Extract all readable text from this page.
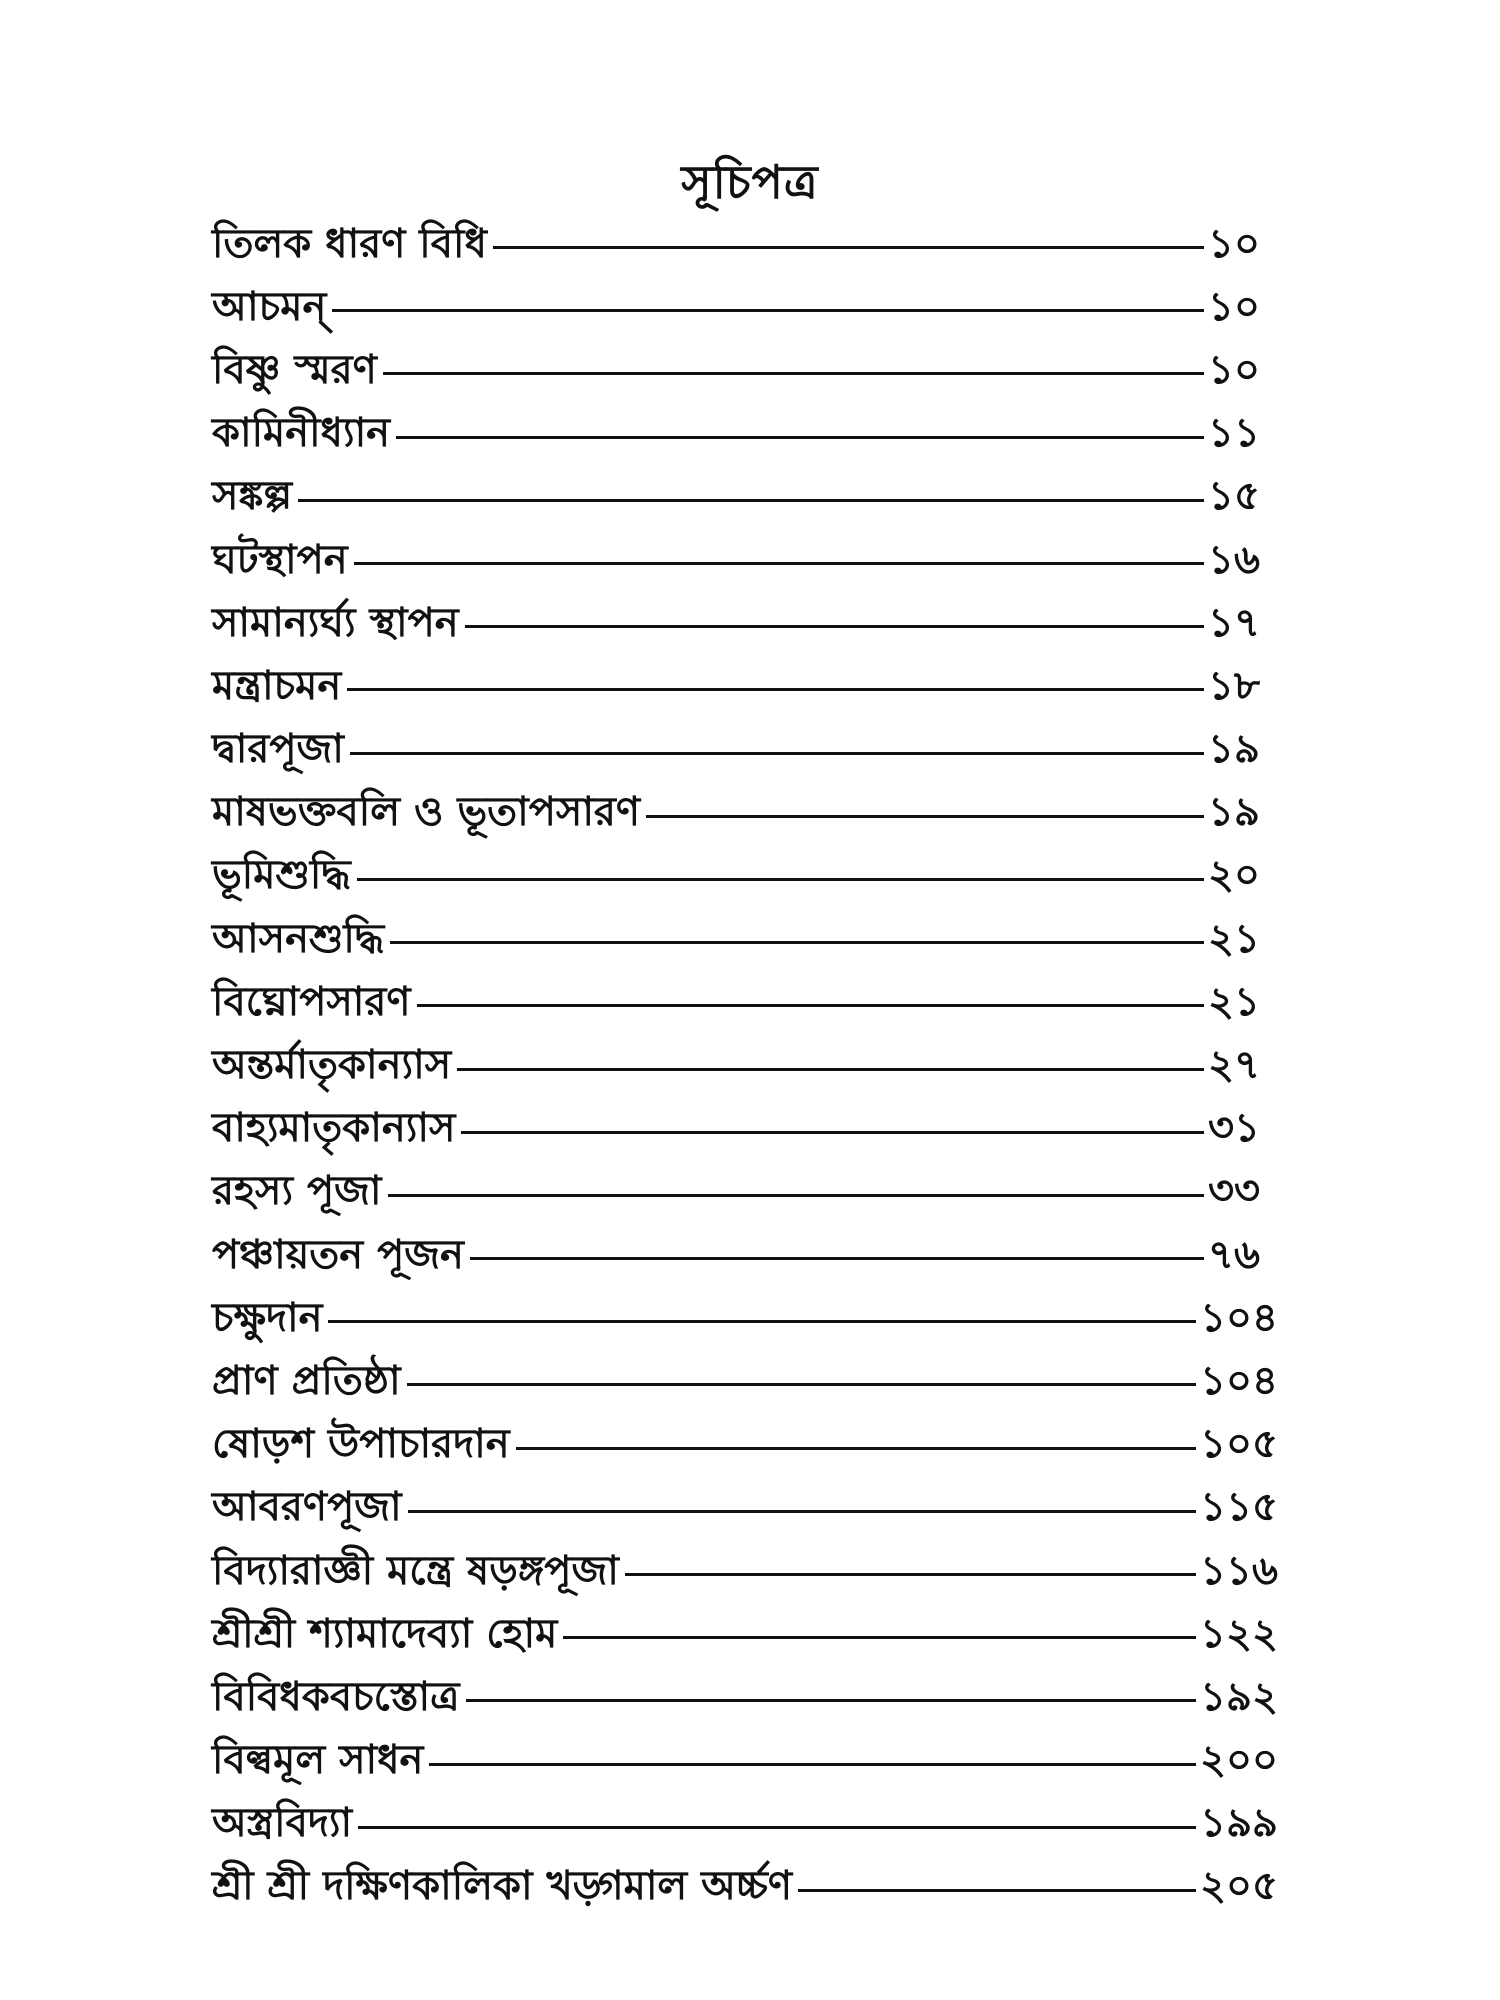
সূচিপত্র
তিলক ধারণ বিধি	১০
আচমন্‌	১০
বিষ্ণু স্মরণ	১০
কামিনীধ্যান	১১
সঙ্কল্প	১৫
ঘটস্থাপন	১৬
সামান্যর্ঘ্য স্থাপন	১৭
মন্ত্রাচমন	১৮
দ্বারপূজা	১৯
মাষভক্তবলি ও ভূতাপসারণ	১৯
ভূমিশুদ্ধি	২০
আসনশুদ্ধি	২১
বিঘ্নোপসারণ	২১
অন্তর্মাতৃকান্যাস	২৭
বাহ্যমাতৃকান্যাস	৩১
রহস্য পূজা	৩৩
পঞ্চায়তন পূজন	৭৬
চক্ষুদান	১০৪
প্রাণ প্রতিষ্ঠা	১০৪
ষোড়শ উপাচারদান	১০৫
আবরণপূজা	১১৫
বিদ্যারাজ্ঞী মন্ত্রে ষড়ঙ্গপূজা	১১৬
শ্রীশ্রী শ্যামাদেব্যা হোম	১২২
বিবিধকবচস্তোত্র	১৯২
বিল্বমূল সাধন	২০০
অস্ত্রবিদ্যা	১৯৯
শ্রী শ্রী দক্ষিণকালিকা খড়্গমাল অর্চ্চণ	২০৫
